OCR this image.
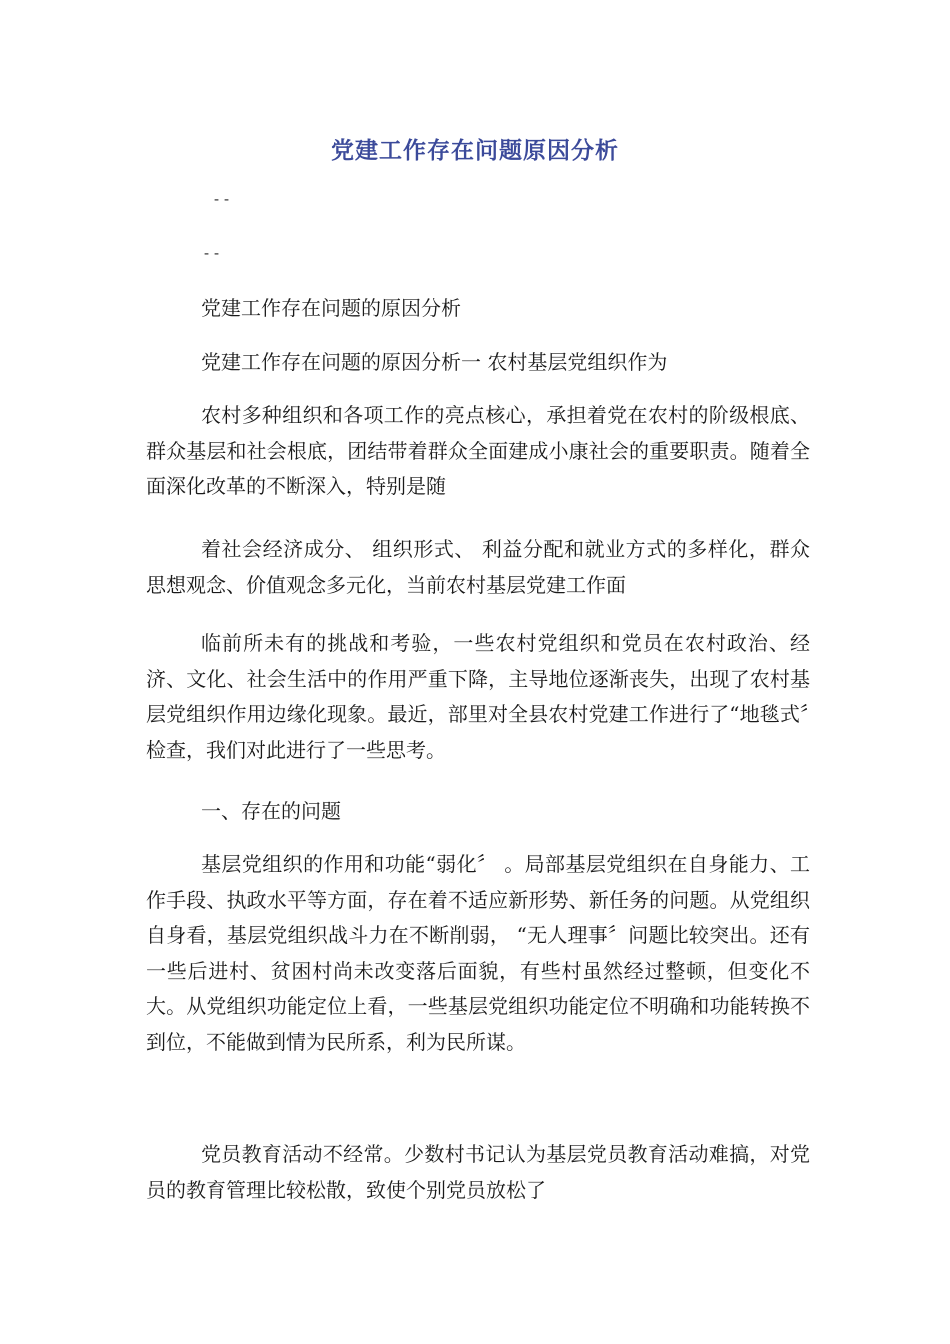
党建工作存在问题原因分析

--

--

党建工作存在问题的原因分析

党建工作存在问题的原因分析一 农村基层党组织作为

农村多种组织和各项工作的亮点核心，承担着党在农村的阶级根底、群众基层和社会根底，团结带着群众全面建成小康社会的重要职责。随着全面深化改革的不断深入，特别是随

着社会经济成分、 组织形式、 利益分配和就业方式的多样化，群众思想观念、价值观念多元化，当前农村基层党建工作面

临前所未有的挑战和考验，一些农村党组织和党员在农村政治、经济、文化、社会生活中的作用严重下降，主导地位逐渐丧失，出现了农村基层党组织作用边缘化现象。最近，部里对全县农村党建工作进行了“地毯式〞检查，我们对此进行了一些思考。

一、存在的问题

基层党组织的作用和功能“弱化〞 。局部基层党组织在自身能力、工作手段、执政水平等方面，存在着不适应新形势、新任务的问题。从党组织自身看，基层党组织战斗力在不断削弱， “无人理事〞问题比较突出。还有一些后进村、贫困村尚未改变落后面貌，有些村虽然经过整顿，但变化不大。从党组织功能定位上看，一些基层党组织功能定位不明确和功能转换不到位，不能做到情为民所系，利为民所谋。

党员教育活动不经常。少数村书记认为基层党员教育活动难搞，对党员的教育管理比较松散，致使个别党员放松了
